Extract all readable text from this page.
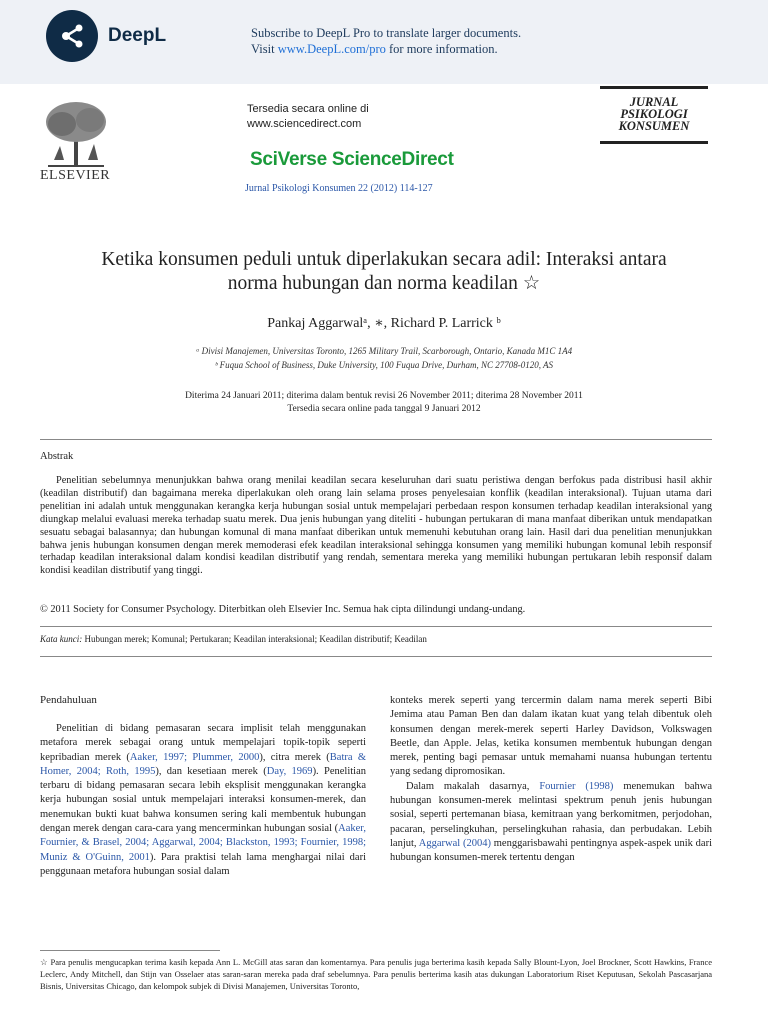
DeepL	Subscribe to DeepL Pro to translate larger documents.
Visit www.DeepL.com/pro for more information.
ELSEVIER
Tersedia secara online di
www.sciencedirect.com
SciVerse ScienceDirect
Jurnal Psikologi Konsumen 22 (2012) 114-127
JURNAL
PSIKOLOGI
KONSUMEN
Ketika konsumen peduli untuk diperlakukan secara adil: Interaksi antara
norma hubungan dan norma keadilan ☆
Pankaj Aggarwalᵃ, ∗, Richard P. Larrick ᵇ
ᵃ Divisi Manajemen, Universitas Toronto, 1265 Military Trail, Scarborough, Ontario, Kanada M1C 1A4
ᵇ Fuqua School of Business, Duke University, 100 Fuqua Drive, Durham, NC 27708-0120, AS
Diterima 24 Januari 2011; diterima dalam bentuk revisi 26 November 2011; diterima 28 November 2011
Tersedia secara online pada tanggal 9 Januari 2012
Abstrak
Penelitian sebelumnya menunjukkan bahwa orang menilai keadilan secara keseluruhan dari suatu peristiwa dengan berfokus pada distribusi hasil akhir (keadilan distributif) dan bagaimana mereka diperlakukan oleh orang lain selama proses penyelesaian konflik (keadilan interaksional). Tujuan utama dari penelitian ini adalah untuk menggunakan kerangka kerja hubungan sosial untuk mempelajari perbedaan respon konsumen terhadap keadilan interaksional yang diungkap melalui evaluasi mereka terhadap suatu merek. Dua jenis hubungan yang diteliti - hubungan pertukaran di mana manfaat diberikan untuk mendapatkan sesuatu sebagai balasannya; dan hubungan komunal di mana manfaat diberikan untuk memenuhi kebutuhan orang lain. Hasil dari dua penelitian menunjukkan bahwa jenis hubungan konsumen dengan merek memoderasi efek keadilan interaksional sehingga konsumen yang memiliki hubungan komunal lebih responsif terhadap keadilan interaksional dalam kondisi keadilan distributif yang rendah, sementara mereka yang memiliki hubungan pertukaran lebih responsif dalam kondisi keadilan distributif yang tinggi.
© 2011 Society for Consumer Psychology. Diterbitkan oleh Elsevier Inc. Semua hak cipta dilindungi undang-undang.
Kata kunci: Hubungan merek; Komunal; Pertukaran; Keadilan interaksional; Keadilan distributif; Keadilan
Pendahuluan

Penelitian di bidang pemasaran secara implisit telah menggunakan metafora merek sebagai orang untuk mempelajari topik-topik seperti kepribadian merek (Aaker, 1997; Plummer, 2000), citra merek (Batra & Homer, 2004; Roth, 1995), dan kesetiaan merek (Day, 1969). Penelitian terbaru di bidang pemasaran secara lebih eksplisit menggunakan kerangka kerja hubungan sosial untuk mempelajari interaksi konsumen-merek, dan menemukan bukti kuat bahwa konsumen sering kali membentuk hubungan dengan merek dengan cara-cara yang mencerminkan hubungan sosial (Aaker, Fournier, & Brasel, 2004; Aggarwal, 2004; Blackston, 1993; Fournier, 1998; Muniz & O'Guinn, 2001). Para praktisi telah lama menghargai nilai dari penggunaan metafora hubungan sosial dalam

konteks merek seperti yang tercermin dalam nama merek seperti Bibi Jemima atau Paman Ben dan dalam ikatan kuat yang telah dibentuk oleh konsumen dengan merek-merek seperti Harley Davidson, Volkswagen Beetle, dan Apple. Jelas, ketika konsumen membentuk hubungan dengan merek, penting bagi pemasar untuk memahami nuansa hubungan tertentu yang sedang dipromosikan.

Dalam makalah dasarnya, Fournier (1998) menemukan bahwa hubungan konsumen-merek melintasi spektrum penuh jenis hubungan sosial, seperti pertemanan biasa, kemitraan yang berkomitmen, perjodohan, pacaran, perselingkuhan, perselingkuhan rahasia, dan perbudakan. Lebih lanjut, Aggarwal (2004) menggarisbawahi pentingnya aspek-aspek unik dari hubungan konsumen-merek tertentu dengan

☆ Para penulis mengucapkan terima kasih kepada Ann L. McGill atas saran dan komentarnya. Para penulis juga berterima kasih kepada Sally Blount-Lyon, Joel Brockner, Scott Hawkins, France Leclerc, Andy Mitchell, dan Stijn van Osselaer atas saran-saran mereka pada draf sebelumnya. Para penulis berterima kasih atas dukungan Laboratorium Riset Keputusan, Sekolah Pascasarjana Bisnis, Universitas Chicago, dan kelompok subjek di Divisi Manajemen, Universitas Toronto,
